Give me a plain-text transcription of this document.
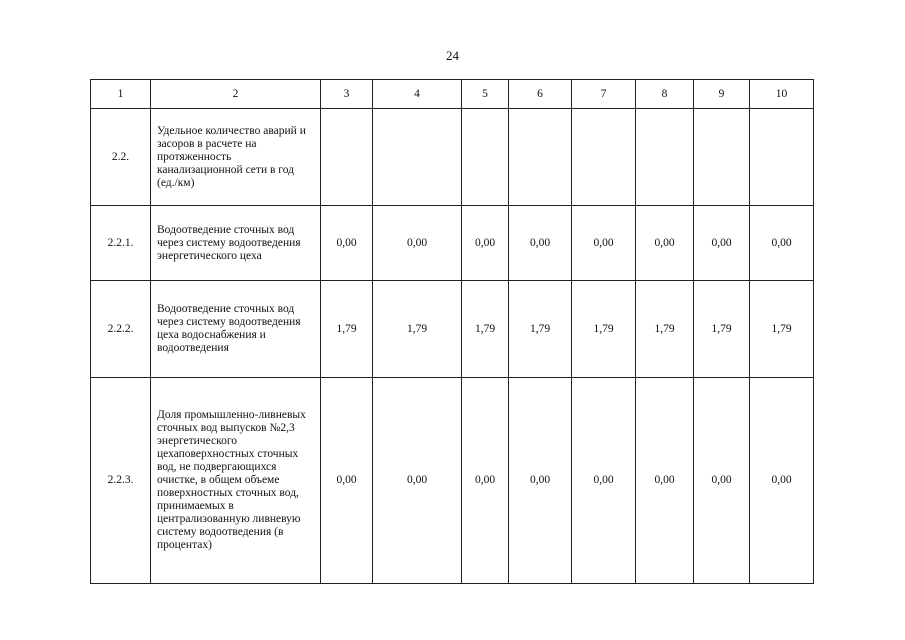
24
1	2	3	4	5	6	7	8	9	10
2.2.	Удельное количество аварий и засоров в расчете на протяженность канализационной сети в год (ед./км)								
2.2.1.	Водоотведение сточных вод через систему водоотведения энергетического цеха	0,00	0,00	0,00	0,00	0,00	0,00	0,00	0,00
2.2.2.	Водоотведение сточных вод через систему водоотведения цеха водоснабжения и водоотведения	1,79	1,79	1,79	1,79	1,79	1,79	1,79	1,79
2.2.3.	Доля промышленно-ливневых сточных вод выпусков №2,3 энергетического цехаповерхностных сточных вод, не подвергающихся очистке, в общем объеме поверхностных сточных вод, принимаемых в централизованную ливневую систему водоотведения (в процентах)	0,00	0,00	0,00	0,00	0,00	0,00	0,00	0,00
